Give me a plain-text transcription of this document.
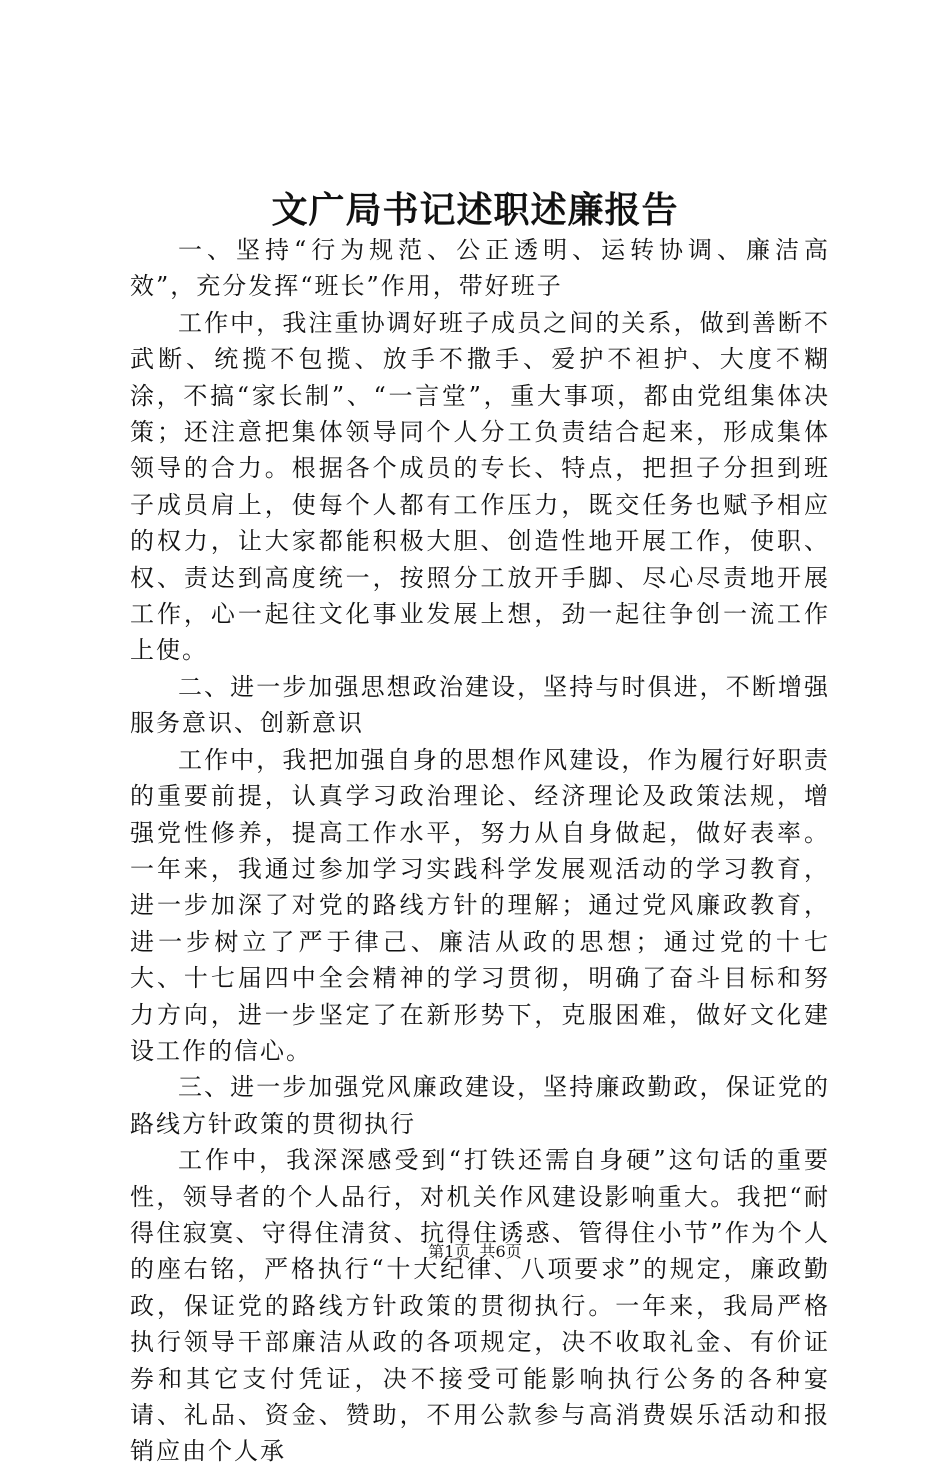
文广局书记述职述廉报告

一、坚持“行为规范、公正透明、运转协调、廉洁高效”，充分发挥“班长”作用，带好班子

工作中，我注重协调好班子成员之间的关系，做到善断不武断、统揽不包揽、放手不撒手、爱护不袒护、大度不糊涂，不搞“家长制”、“一言堂”，重大事项，都由党组集体决策；还注意把集体领导同个人分工负责结合起来，形成集体领导的合力。根据各个成员的专长、特点，把担子分担到班子成员肩上，使每个人都有工作压力，既交任务也赋予相应的权力，让大家都能积极大胆、创造性地开展工作，使职、权、责达到高度统一，按照分工放开手脚、尽心尽责地开展工作，心一起往文化事业发展上想，劲一起往争创一流工作上使。

二、进一步加强思想政治建设，坚持与时俱进，不断增强服务意识、创新意识

工作中，我把加强自身的思想作风建设，作为履行好职责的重要前提，认真学习政治理论、经济理论及政策法规，增强党性修养，提高工作水平，努力从自身做起，做好表率。一年来，我通过参加学习实践科学发展观活动的学习教育，进一步加深了对党的路线方针的理解；通过党风廉政教育，进一步树立了严于律己、廉洁从政的思想；通过党的十七大、十七届四中全会精神的学习贯彻，明确了奋斗目标和努力方向，进一步坚定了在新形势下，克服困难，做好文化建设工作的信心。

三、进一步加强党风廉政建设，坚持廉政勤政，保证党的路线方针政策的贯彻执行

工作中，我深深感受到“打铁还需自身硬”这句话的重要性，领导者的个人品行，对机关作风建设影响重大。我把“耐得住寂寞、守得住清贫、抗得住诱惑、管得住小节”作为个人的座右铭，严格执行“十大纪律、八项要求”的规定，廉政勤政，保证党的路线方针政策的贯彻执行。一年来，我局严格执行领导干部廉洁从政的各项规定，决不收取礼金、有价证券和其它支付凭证，决不接受可能影响执行公务的各种宴请、礼品、资金、赞助，不用公款参与高消费娱乐活动和报销应由个人承

第1页 共6页
